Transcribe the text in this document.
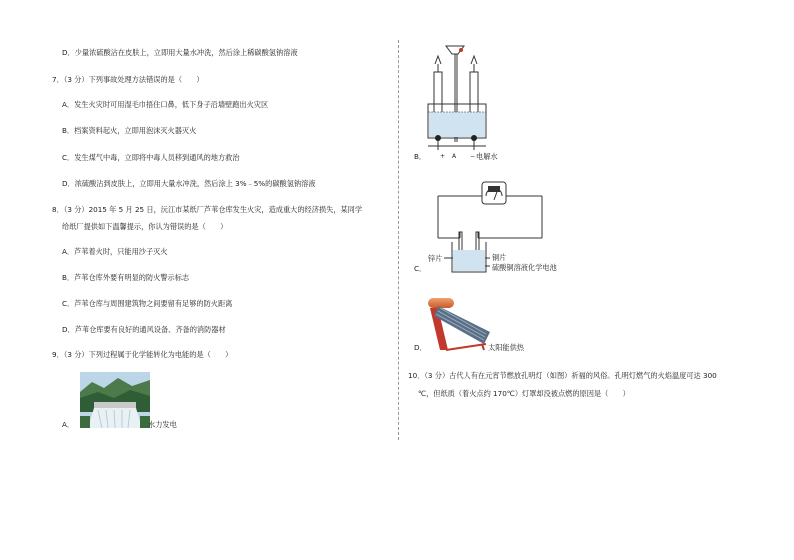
D．少量浓硫酸沾在皮肤上，立即用大量水冲洗，然后涂上稀碳酸氢钠溶液
7．（3 分）下列事故处理方法错误的是（　　）
A．发生火灾时可用湿毛巾捂住口鼻，低下身子沿墙壁跑出火灾区
B．档案资料起火，立即用泡沫灭火器灭火
C．发生煤气中毒，立即将中毒人员移到通风的地方救治
D．浓硫酸沾到皮肤上，立即用大量水冲洗，然后涂上 3%﹣5%的碳酸氢钠溶液
8．（3 分）2015 年 5 月 25 日，沅江市某纸厂芦苇仓库发生火灾，造成重大的经济损失，某同学
给纸厂提供如下温馨提示，你认为错误的是（　　）
A．芦苇着火时，只能用沙子灭火
B．芦苇仓库外要有明显的防火警示标志
C．芦苇仓库与周围建筑物之间要留有足够的防火距离
D．芦苇仓库要有良好的通风设备、齐备的消防器材
9．（3 分）下列过程属于化学能转化为电能的是（　　）
A．	水力发电
+ A −
B．	电解水
锌片	铜片
硫酸铜溶液
C．	化学电池
D．	太阳能供热
10．（3 分）古代人有在元宵节燃放孔明灯（如图）祈福的风俗。孔明灯燃气的火焰温度可达 300
℃，但纸质（着火点约 170℃）灯罩却没被点燃的原因是（　　）
